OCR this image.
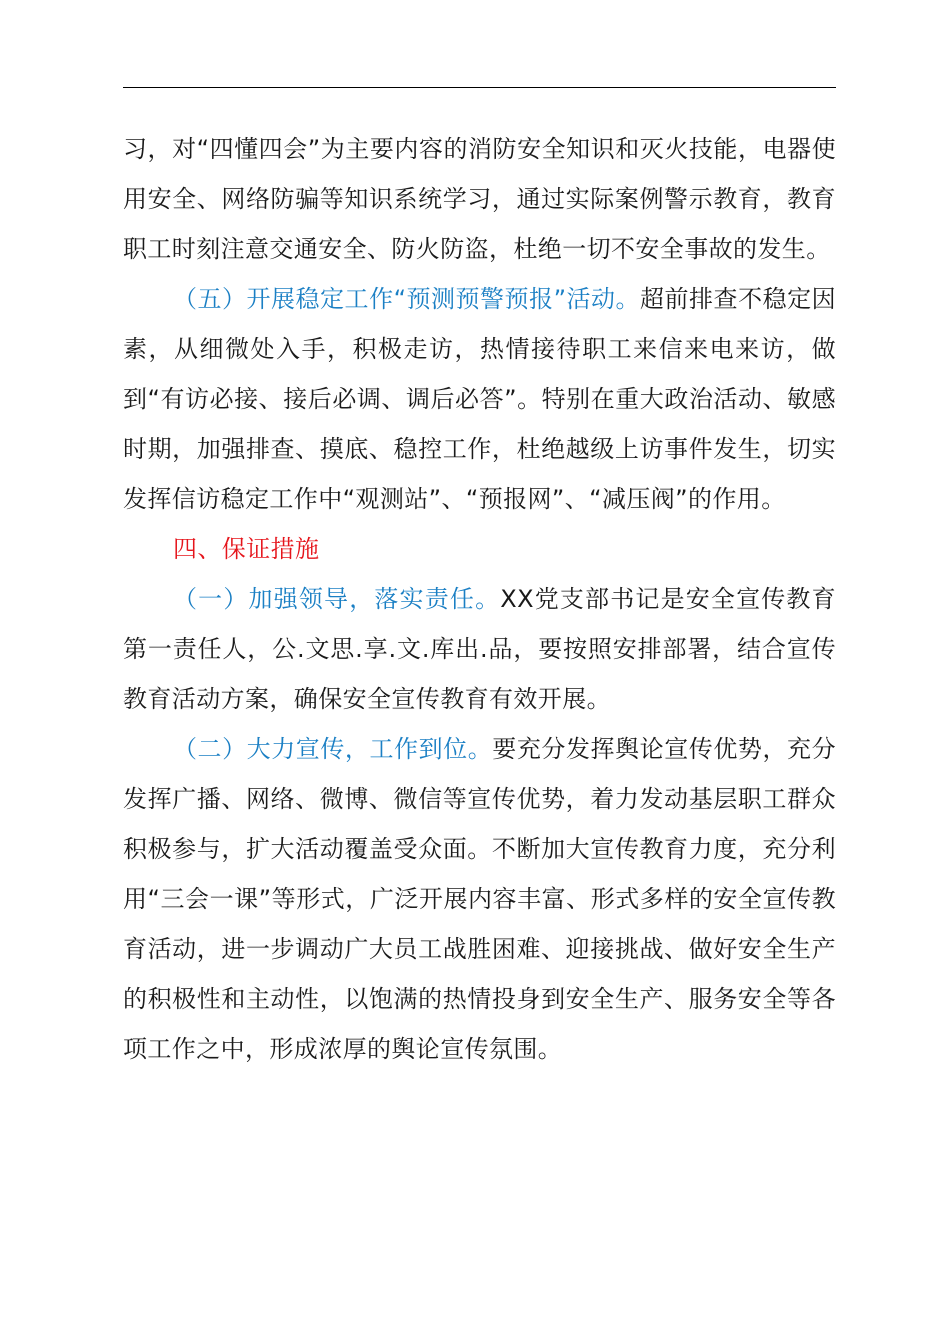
习，对“四懂四会”为主要内容的消防安全知识和灭火技能，电器使用安全、网络防骗等知识系统学习，通过实际案例警示教育，教育职工时刻注意交通安全、防火防盗，杜绝一切不安全事故的发生。

（五）开展稳定工作“预测预警预报”活动。超前排查不稳定因素，从细微处入手，积极走访，热情接待职工来信来电来访，做到“有访必接、接后必调、调后必答”。特别在重大政治活动、敏感时期，加强排查、摸底、稳控工作，杜绝越级上访事件发生，切实发挥信访稳定工作中“观测站”、“预报网”、“减压阀”的作用。

四、保证措施

（一）加强领导，落实责任。XX党支部书记是安全宣传教育第一责任人，公.文思.享.文.库出.品，要按照安排部署，结合宣传教育活动方案，确保安全宣传教育有效开展。

（二）大力宣传，工作到位。要充分发挥舆论宣传优势，充分发挥广播、网络、微博、微信等宣传优势，着力发动基层职工群众积极参与，扩大活动覆盖受众面。不断加大宣传教育力度，充分利用“三会一课”等形式，广泛开展内容丰富、形式多样的安全宣传教育活动，进一步调动广大员工战胜困难、迎接挑战、做好安全生产的积极性和主动性，以饱满的热情投身到安全生产、服务安全等各项工作之中，形成浓厚的舆论宣传氛围。
